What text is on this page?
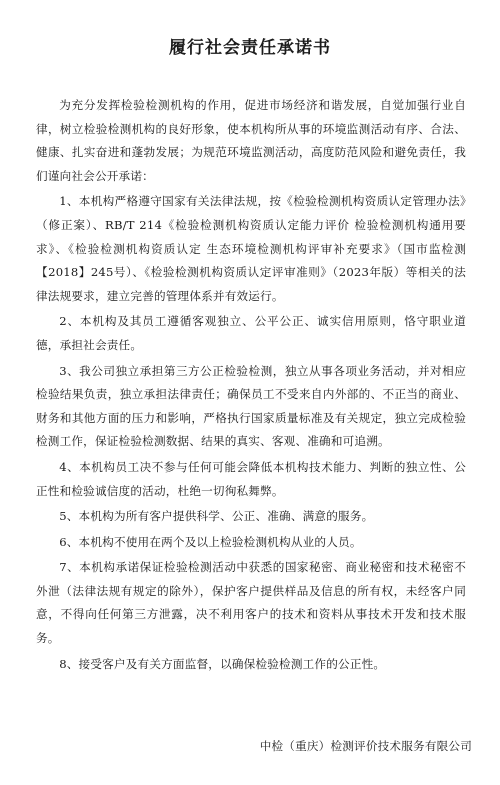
履行社会责任承诺书

为充分发挥检验检测机构的作用，促进市场经济和谐发展，自觉加强行业自律，树立检验检测机构的良好形象，使本机构所从事的环境监测活动有序、合法、健康、扎实奋进和蓬勃发展；为规范环境监测活动，高度防范风险和避免责任，我们谨向社会公开承诺：

1、本机构严格遵守国家有关法律法规，按《检验检测机构资质认定管理办法》（修正案）、RB/T 214《检验检测机构资质认定能力评价 检验检测机构通用要求》、《检验检测机构资质认定 生态环境检测机构评审补充要求》（国市监检测【2018】245号）、《检验检测机构资质认定评审准则》（2023年版）等相关的法律法规要求，建立完善的管理体系并有效运行。

2、本机构及其员工遵循客观独立、公平公正、诚实信用原则，恪守职业道德，承担社会责任。

3、我公司独立承担第三方公正检验检测，独立从事各项业务活动，并对相应检验结果负责，独立承担法律责任；确保员工不受来自内外部的、不正当的商业、财务和其他方面的压力和影响，严格执行国家质量标准及有关规定，独立完成检验检测工作，保证检验检测数据、结果的真实、客观、准确和可追溯。

4、本机构员工决不参与任何可能会降低本机构技术能力、判断的独立性、公正性和检验诚信度的活动，杜绝一切徇私舞弊。

5、本机构为所有客户提供科学、公正、准确、满意的服务。

6、本机构不使用在两个及以上检验检测机构从业的人员。

7、本机构承诺保证检验检测活动中获悉的国家秘密、商业秘密和技术秘密不外泄（法律法规有规定的除外），保护客户提供样品及信息的所有权，未经客户同意，不得向任何第三方泄露，决不利用客户的技术和资料从事技术开发和技术服务。

8、接受客户及有关方面监督，以确保检验检测工作的公正性。

中检（重庆）检测评价技术服务有限公司
